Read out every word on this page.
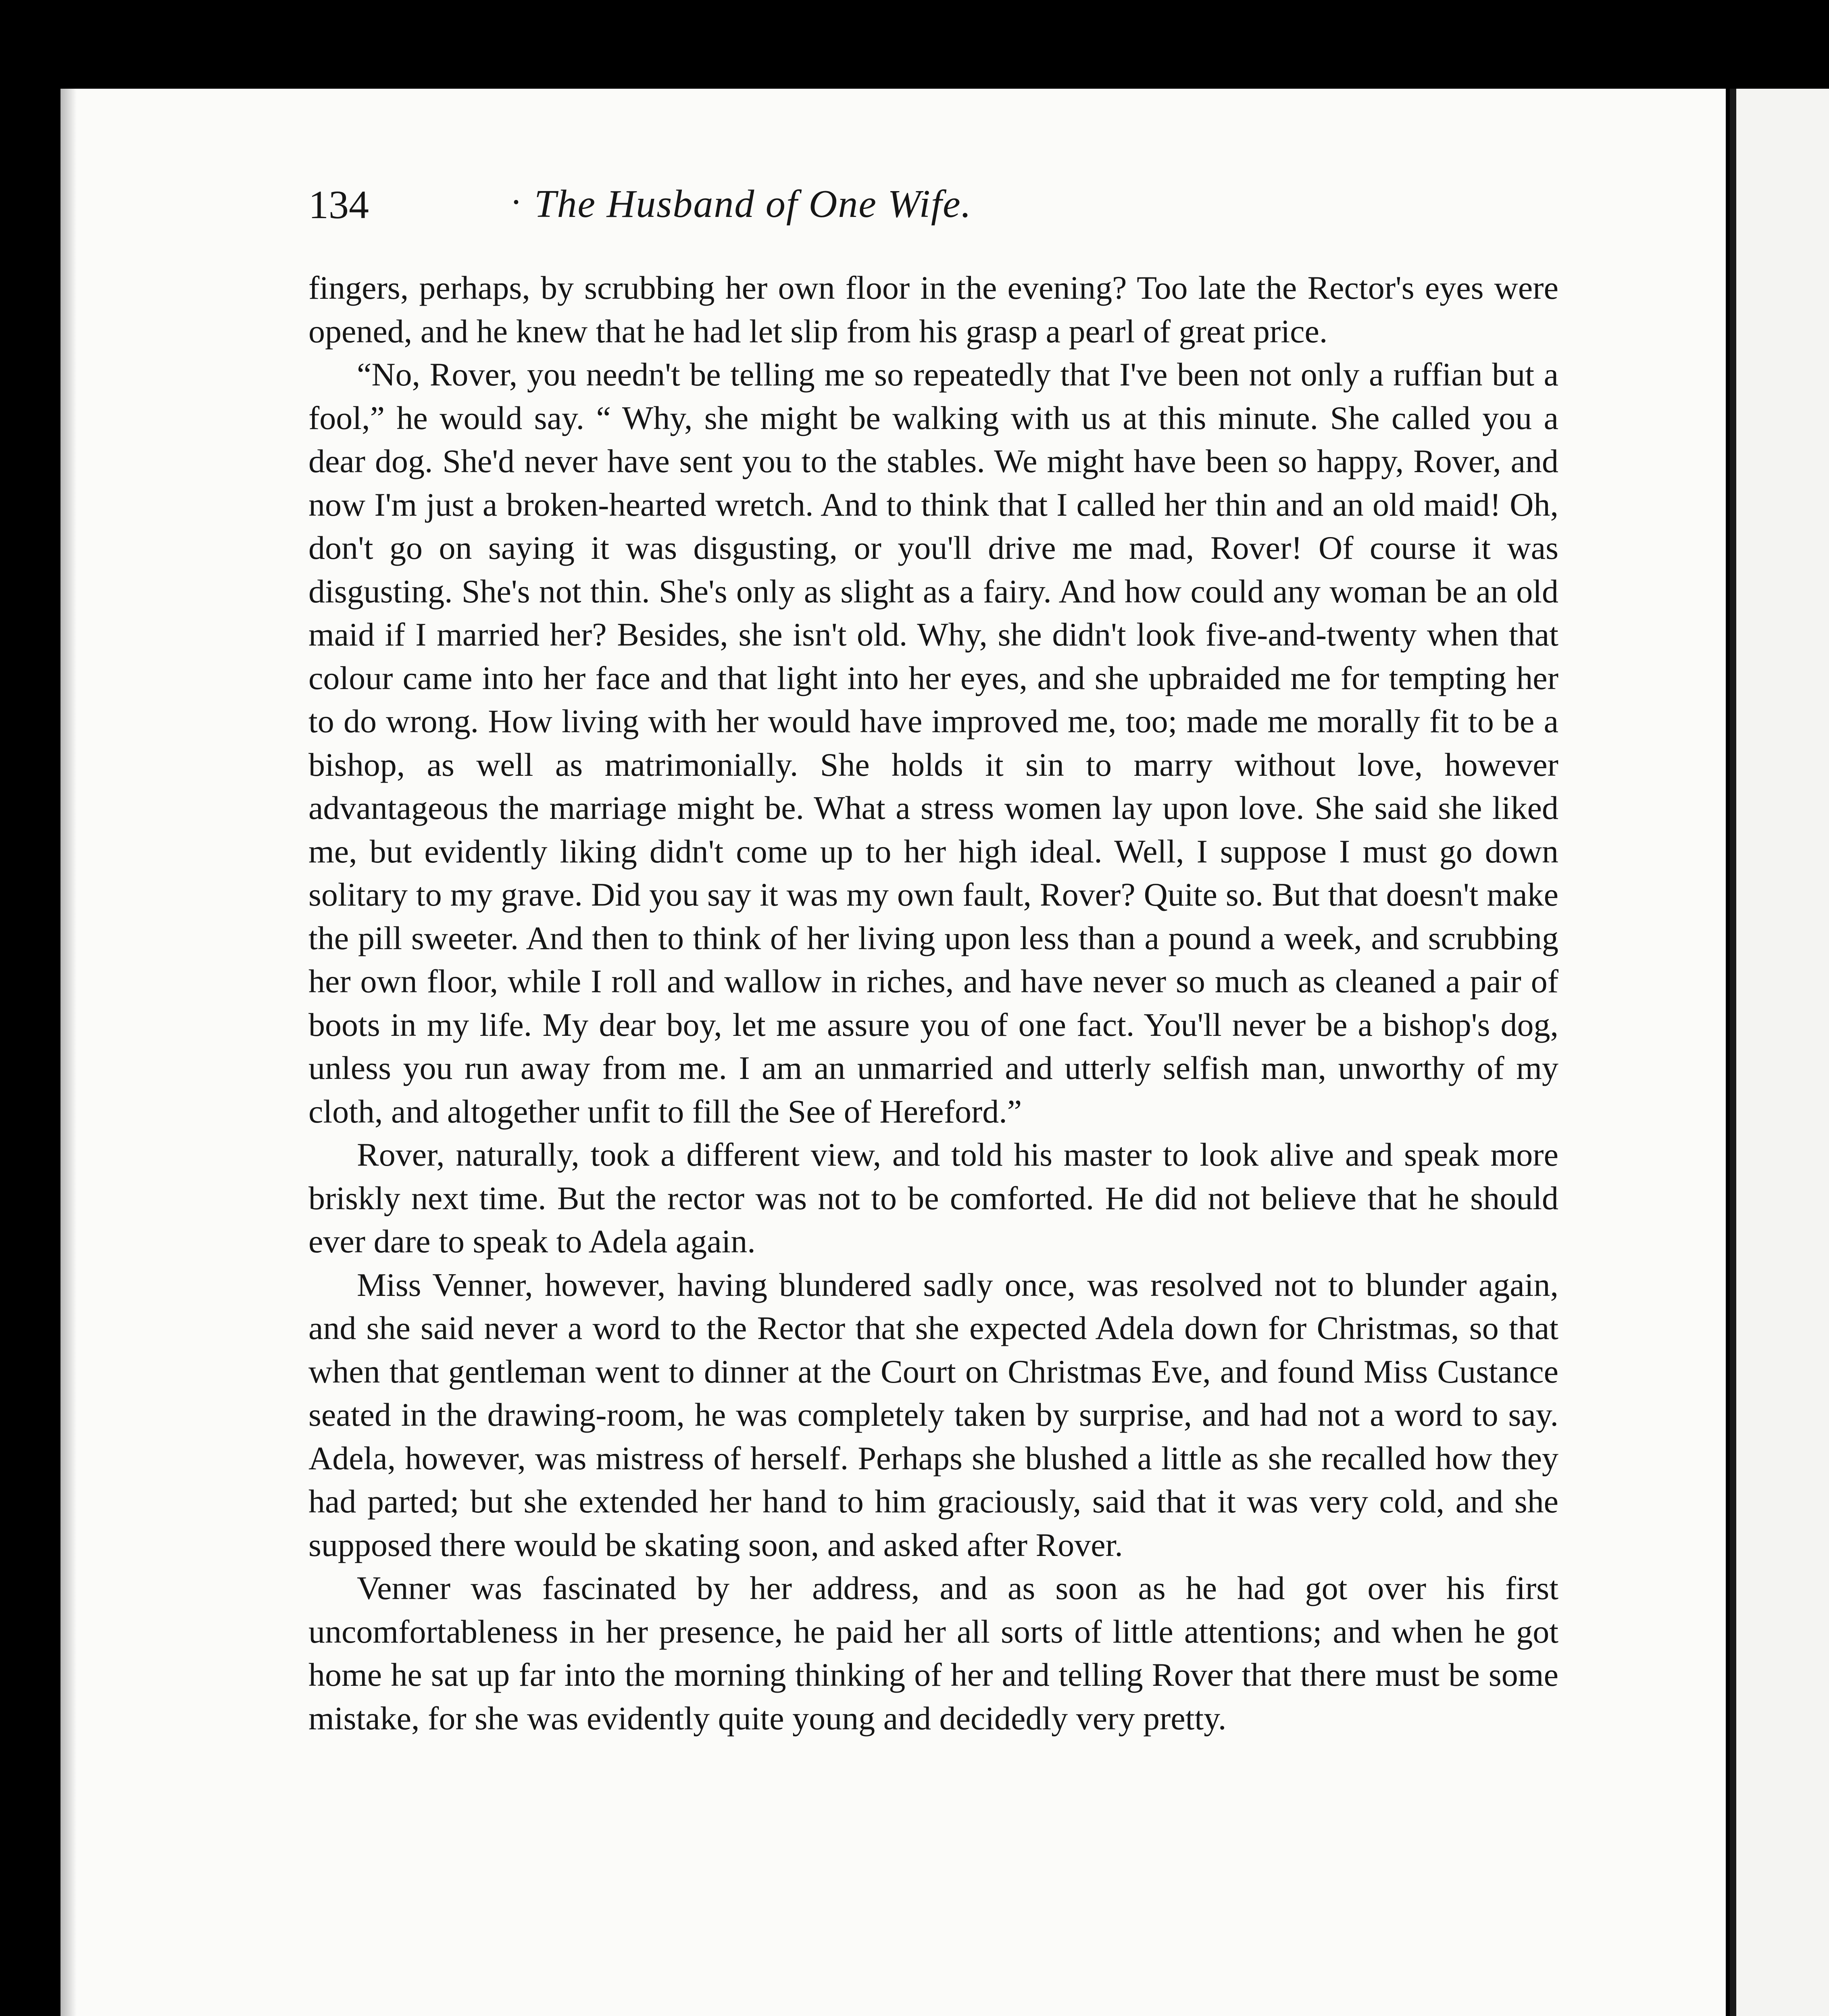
134	· The Husband of One Wife.

fingers, perhaps, by scrubbing her own floor in the evening? Too late the Rector's eyes were opened, and he knew that he had let slip from his grasp a pearl of great price.

“No, Rover, you needn't be telling me so repeatedly that I've been not only a ruffian but a fool,” he would say. “ Why, she might be walking with us at this minute. She called you a dear dog. She'd never have sent you to the stables. We might have been so happy, Rover, and now I'm just a broken-hearted wretch. And to think that I called her thin and an old maid! Oh, don't go on saying it was disgusting, or you'll drive me mad, Rover! Of course it was disgusting. She's not thin. She's only as slight as a fairy. And how could any woman be an old maid if I married her? Besides, she isn't old. Why, she didn't look five-and-twenty when that colour came into her face and that light into her eyes, and she upbraided me for tempting her to do wrong. How living with her would have improved me, too; made me morally fit to be a bishop, as well as matrimonially. She holds it sin to marry without love, however advantageous the marriage might be. What a stress women lay upon love. She said she liked me, but evidently liking didn't come up to her high ideal. Well, I suppose I must go down solitary to my grave. Did you say it was my own fault, Rover? Quite so. But that doesn't make the pill sweeter. And then to think of her living upon less than a pound a week, and scrubbing her own floor, while I roll and wallow in riches, and have never so much as cleaned a pair of boots in my life. My dear boy, let me assure you of one fact. You'll never be a bishop's dog, unless you run away from me. I am an unmarried and utterly selfish man, unworthy of my cloth, and altogether unfit to fill the See of Hereford.”

Rover, naturally, took a different view, and told his master to look alive and speak more briskly next time. But the rector was not to be comforted. He did not believe that he should ever dare to speak to Adela again.

Miss Venner, however, having blundered sadly once, was resolved not to blunder again, and she said never a word to the Rector that she expected Adela down for Christmas, so that when that gentleman went to dinner at the Court on Christmas Eve, and found Miss Custance seated in the drawing-room, he was completely taken by surprise, and had not a word to say. Adela, however, was mistress of herself. Perhaps she blushed a little as she recalled how they had parted; but she extended her hand to him graciously, said that it was very cold, and she supposed there would be skating soon, and asked after Rover.

Venner was fascinated by her address, and as soon as he had got over his first uncomfortableness in her presence, he paid her all sorts of little attentions; and when he got home he sat up far into the morning thinking of her and telling Rover that there must be some mistake, for she was evidently quite young and decidedly very pretty.
